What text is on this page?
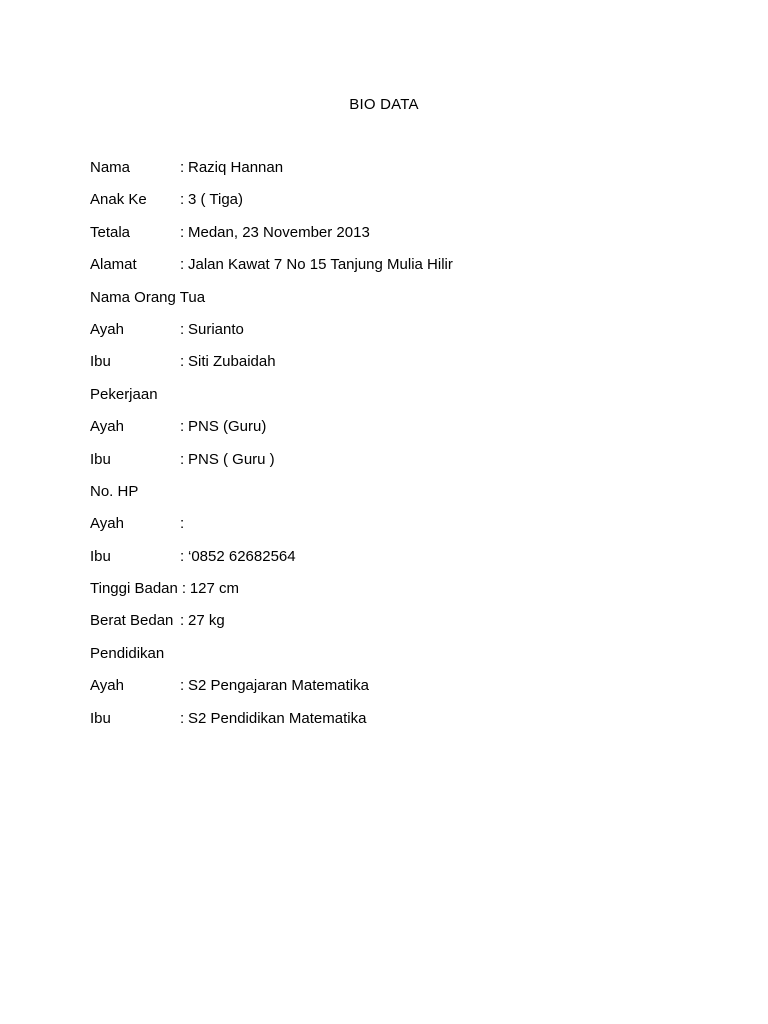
BIO DATA
Nama	: Raziq Hannan
Anak Ke : 3 ( Tiga)
Tetala	: Medan, 23 November 2013
Alamat	: Jalan Kawat 7 No 15 Tanjung Mulia Hilir
Nama Orang Tua
Ayah	: Surianto
Ibu	: Siti Zubaidah
Pekerjaan
Ayah	: PNS (Guru)
Ibu	: PNS ( Guru )
No. HP
Ayah	:
Ibu	: ‘0852 62682564
Tinggi Badan : 127 cm
Berat Bedan : 27 kg
Pendidikan
Ayah	: S2 Pengajaran Matematika
Ibu	: S2 Pendidikan Matematika
